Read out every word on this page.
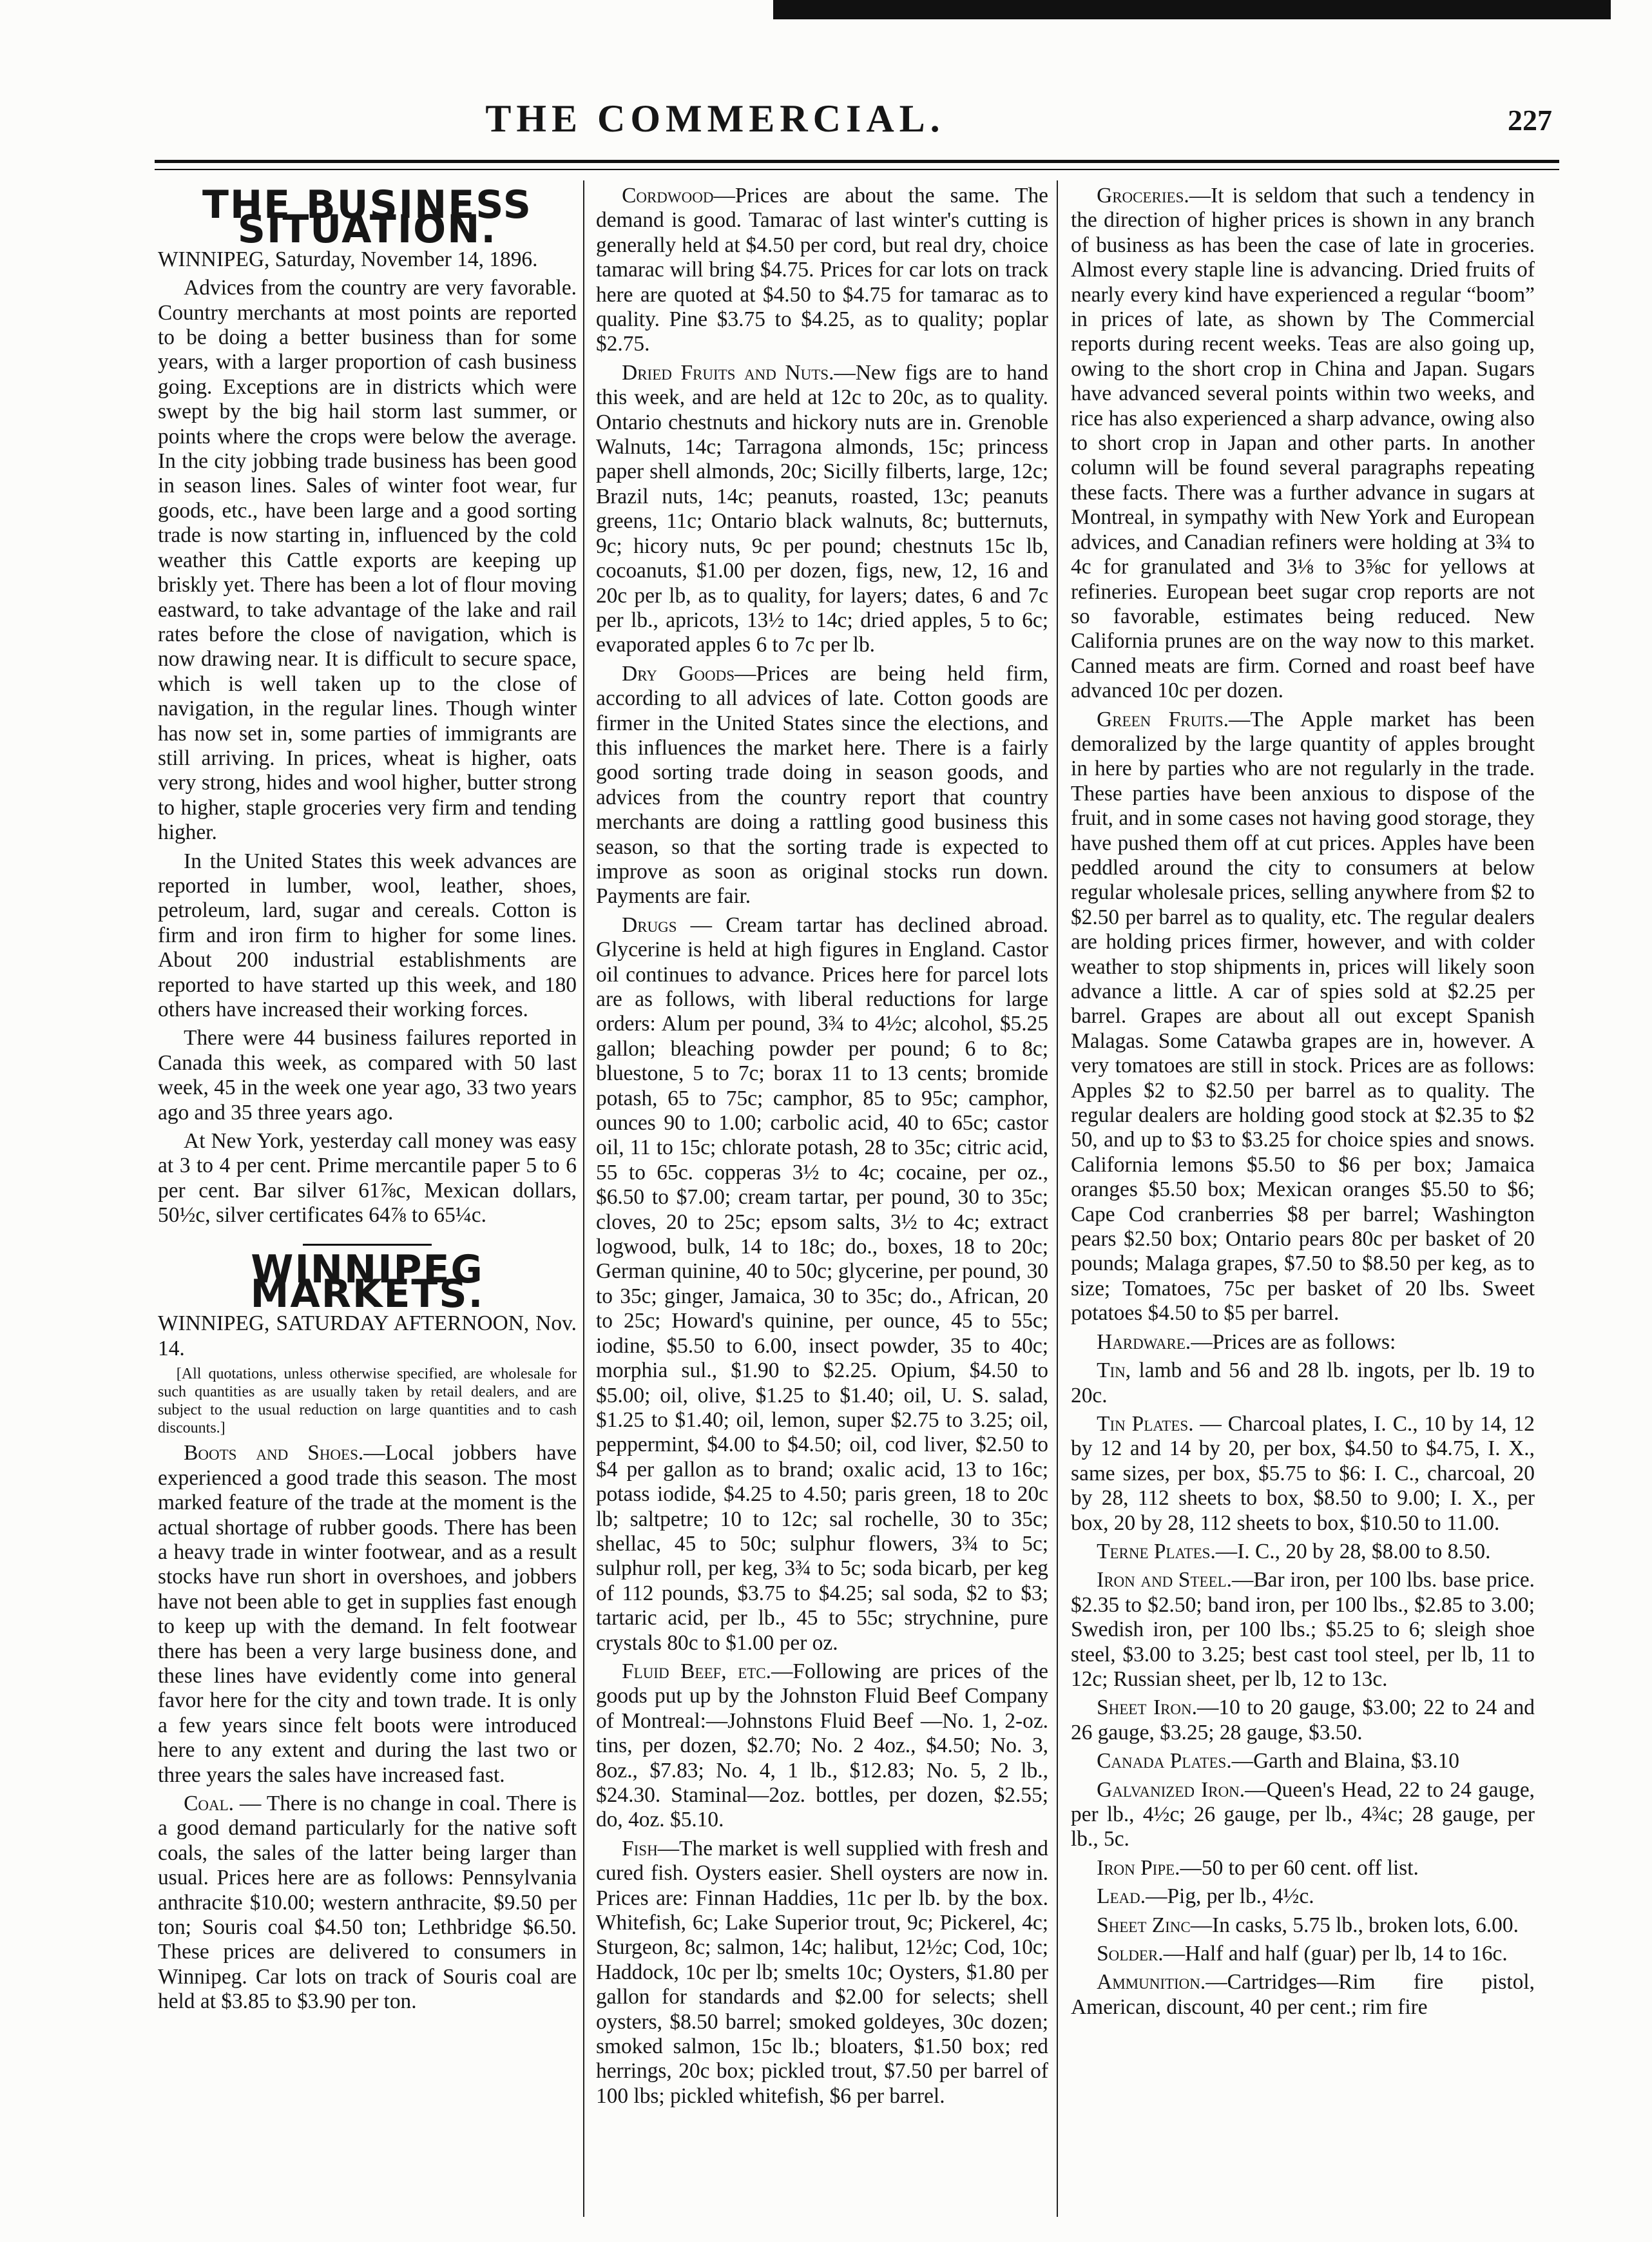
THE COMMERCIAL.	227
THE BUSINESS SITUATION.

WINNIPEG, Saturday, November 14, 1896.

Advices from the country are very favorable. Country merchants at most points are reported to be doing a better business than for some years, with a larger proportion of cash business going. Exceptions are in districts which were swept by the big hail storm last summer, or points where the crops were below the average. In the city jobbing trade business has been good in season lines. Sales of winter foot wear, fur goods, etc., have been large and a good sorting trade is now starting in, influenced by the cold weather this Cattle exports are keeping up briskly yet. There has been a lot of flour moving eastward, to take advantage of the lake and rail rates before the close of navigation, which is now drawing near. It is difficult to secure space, which is well taken up to the close of navigation, in the regular lines. Though winter has now set in, some parties of immigrants are still arriving. In prices, wheat is higher, oats very strong, hides and wool higher, butter strong to higher, staple groceries very firm and tending higher.

In the United States this week advances are reported in lumber, wool, leather, shoes, petroleum, lard, sugar and cereals. Cotton is firm and iron firm to higher for some lines. About 200 industrial establishments are reported to have started up this week, and 180 others have increased their working forces.

There were 44 business failures reported in Canada this week, as compared with 50 last week, 45 in the week one year ago, 33 two years ago and 35 three years ago.

At New York, yesterday call money was easy at 3 to 4 per cent. Prime mercantile paper 5 to 6 per cent. Bar silver 61⅞c, Mexican dollars, 50½c, silver certificates 64⅞ to 65¼c.

WINNIPEG MARKETS.

WINNIPEG, SATURDAY AFTERNOON, Nov. 14.

[All quotations, unless otherwise specified, are wholesale for such quantities as are usually taken by retail dealers, and are subject to the usual reduction on large quantities and to cash discounts.]

Boots and Shoes.—Local jobbers have experienced a good trade this season. The most marked feature of the trade at the moment is the actual shortage of rubber goods. There has been a heavy trade in winter footwear, and as a result stocks have run short in overshoes, and jobbers have not been able to get in supplies fast enough to keep up with the demand. In felt footwear there has been a very large business done, and these lines have evidently come into general favor here for the city and town trade. It is only a few years since felt boots were introduced here to any extent and during the last two or three years the sales have increased fast.

Coal. — There is no change in coal. There is a good demand particularly for the native soft coals, the sales of the latter being larger than usual. Prices here are as follows: Pennsylvania anthracite $10.00; western anthracite, $9.50 per ton; Souris coal $4.50 ton; Lethbridge $6.50. These prices are delivered to consumers in Winnipeg. Car lots on track of Souris coal are held at $3.85 to $3.90 per ton.

Cordwood—Prices are about the same. The demand is good. Tamarac of last winter's cutting is generally held at $4.50 per cord, but real dry, choice tamarac will bring $4.75. Prices for car lots on track here are quoted at $4.50 to $4.75 for tamarac as to quality. Pine $3.75 to $4.25, as to quality; poplar $2.75.

Dried Fruits and Nuts.—New figs are to hand this week, and are held at 12c to 20c, as to quality. Ontario chestnuts and hickory nuts are in. Grenoble Walnuts, 14c; Tarragona almonds, 15c; princess paper shell almonds, 20c; Sicilly filberts, large, 12c; Brazil nuts, 14c; peanuts, roasted, 13c; peanuts greens, 11c; Ontario black walnuts, 8c; butternuts, 9c; hicory nuts, 9c per pound; chestnuts 15c lb, cocoanuts, $1.00 per dozen, figs, new, 12, 16 and 20c per lb, as to quality, for layers; dates, 6 and 7c per lb., apricots, 13½ to 14c; dried apples, 5 to 6c; evaporated apples 6 to 7c per lb.

Dry Goods—Prices are being held firm, according to all advices of late. Cotton goods are firmer in the United States since the elections, and this influences the market here. There is a fairly good sorting trade doing in season goods, and advices from the country report that country merchants are doing a rattling good business this season, so that the sorting trade is expected to improve as soon as original stocks run down. Payments are fair.

Drugs — Cream tartar has declined abroad. Glycerine is held at high figures in England. Castor oil continues to advance. Prices here for parcel lots are as follows, with liberal reductions for large orders: Alum per pound, 3¾ to 4½c; alcohol, $5.25 gallon; bleaching powder per pound; 6 to 8c; bluestone, 5 to 7c; borax 11 to 13 cents; bromide potash, 65 to 75c; camphor, 85 to 95c; camphor, ounces 90 to 1.00; carbolic acid, 40 to 65c; castor oil, 11 to 15c; chlorate potash, 28 to 35c; citric acid, 55 to 65c. copperas 3½ to 4c; cocaine, per oz., $6.50 to $7.00; cream tartar, per pound, 30 to 35c; cloves, 20 to 25c; epsom salts, 3½ to 4c; extract logwood, bulk, 14 to 18c; do., boxes, 18 to 20c; German quinine, 40 to 50c; glycerine, per pound, 30 to 35c; ginger, Jamaica, 30 to 35c; do., African, 20 to 25c; Howard's quinine, per ounce, 45 to 55c; iodine, $5.50 to 6.00, insect powder, 35 to 40c; morphia sul., $1.90 to $2.25. Opium, $4.50 to $5.00; oil, olive, $1.25 to $1.40; oil, U. S. salad, $1.25 to $1.40; oil, lemon, super $2.75 to 3.25; oil, peppermint, $4.00 to $4.50; oil, cod liver, $2.50 to $4 per gallon as to brand; oxalic acid, 13 to 16c; potass iodide, $4.25 to 4.50; paris green, 18 to 20c lb; saltpetre; 10 to 12c; sal rochelle, 30 to 35c; shellac, 45 to 50c; sulphur flowers, 3¾ to 5c; sulphur roll, per keg, 3¾ to 5c; soda bicarb, per keg of 112 pounds, $3.75 to $4.25; sal soda, $2 to $3; tartaric acid, per lb., 45 to 55c; strychnine, pure crystals 80c to $1.00 per oz.

Fluid Beef, etc.—Following are prices of the goods put up by the Johnston Fluid Beef Company of Montreal:—Johnstons Fluid Beef —No. 1, 2-oz. tins, per dozen, $2.70; No. 2 4oz., $4.50; No. 3, 8oz., $7.83; No. 4, 1 lb., $12.83; No. 5, 2 lb., $24.30. Staminal—2oz. bottles, per dozen, $2.55; do, 4oz. $5.10.

Fish—The market is well supplied with fresh and cured fish. Oysters easier. Shell oysters are now in. Prices are: Finnan Haddies, 11c per lb. by the box. Whitefish, 6c; Lake Superior trout, 9c; Pickerel, 4c; Sturgeon, 8c; salmon, 14c; halibut, 12½c; Cod, 10c; Haddock, 10c per lb; smelts 10c; Oysters, $1.80 per gallon for standards and $2.00 for selects; shell oysters, $8.50 barrel; smoked goldeyes, 30c dozen; smoked salmon, 15c lb.; bloaters, $1.50 box; red herrings, 20c box; pickled trout, $7.50 per barrel of 100 lbs; pickled whitefish, $6 per barrel.

Groceries.—It is seldom that such a tendency in the direction of higher prices is shown in any branch of business as has been the case of late in groceries. Almost every staple line is advancing. Dried fruits of nearly every kind have experienced a regular “boom” in prices of late, as shown by The Commercial reports during recent weeks. Teas are also going up, owing to the short crop in China and Japan. Sugars have advanced several points within two weeks, and rice has also experienced a sharp advance, owing also to short crop in Japan and other parts. In another column will be found several paragraphs repeating these facts. There was a further advance in sugars at Montreal, in sympathy with New York and European advices, and Canadian refiners were holding at 3¾ to 4c for granulated and 3⅛ to 3⅝c for yellows at refineries. European beet sugar crop reports are not so favorable, estimates being reduced. New California prunes are on the way now to this market. Canned meats are firm. Corned and roast beef have advanced 10c per dozen.

Green Fruits.—The Apple market has been demoralized by the large quantity of apples brought in here by parties who are not regularly in the trade. These parties have been anxious to dispose of the fruit, and in some cases not having good storage, they have pushed them off at cut prices. Apples have been peddled around the city to consumers at below regular wholesale prices, selling anywhere from $2 to $2.50 per barrel as to quality, etc. The regular dealers are holding prices firmer, however, and with colder weather to stop shipments in, prices will likely soon advance a little. A car of spies sold at $2.25 per barrel. Grapes are about all out except Spanish Malagas. Some Catawba grapes are in, however. A very tomatoes are still in stock. Prices are as follows: Apples $2 to $2.50 per barrel as to quality. The regular dealers are holding good stock at $2.35 to $2 50, and up to $3 to $3.25 for choice spies and snows. California lemons $5.50 to $6 per box; Jamaica oranges $5.50 box; Mexican oranges $5.50 to $6; Cape Cod cranberries $8 per barrel; Washington pears $2.50 box; Ontario pears 80c per basket of 20 pounds; Malaga grapes, $7.50 to $8.50 per keg, as to size; Tomatoes, 75c per basket of 20 lbs. Sweet potatoes $4.50 to $5 per barrel.

Hardware.—Prices are as follows:

Tin, lamb and 56 and 28 lb. ingots, per lb. 19 to 20c.

Tin Plates. — Charcoal plates, I. C., 10 by 14, 12 by 12 and 14 by 20, per box, $4.50 to $4.75, I. X., same sizes, per box, $5.75 to $6: I. C., charcoal, 20 by 28, 112 sheets to box, $8.50 to 9.00; I. X., per box, 20 by 28, 112 sheets to box, $10.50 to 11.00.

Terne Plates.—I. C., 20 by 28, $8.00 to 8.50.

Iron and Steel.—Bar iron, per 100 lbs. base price. $2.35 to $2.50; band iron, per 100 lbs., $2.85 to 3.00; Swedish iron, per 100 lbs.; $5.25 to 6; sleigh shoe steel, $3.00 to 3.25; best cast tool steel, per lb, 11 to 12c; Russian sheet, per lb, 12 to 13c.

Sheet Iron.—10 to 20 gauge, $3.00; 22 to 24 and 26 gauge, $3.25; 28 gauge, $3.50.

Canada Plates.—Garth and Blaina, $3.10

Galvanized Iron.—Queen's Head, 22 to 24 gauge, per lb., 4½c; 26 gauge, per lb., 4¾c; 28 gauge, per lb., 5c.

Iron Pipe.—50 to per 60 cent. off list.

Lead.—Pig, per lb., 4½c.

Sheet Zinc—In casks, 5.75 lb., broken lots, 6.00.

Solder.—Half and half (guar) per lb, 14 to 16c.

Ammunition.—Cartridges—Rim fire pistol, American, discount, 40 per cent.; rim fire
